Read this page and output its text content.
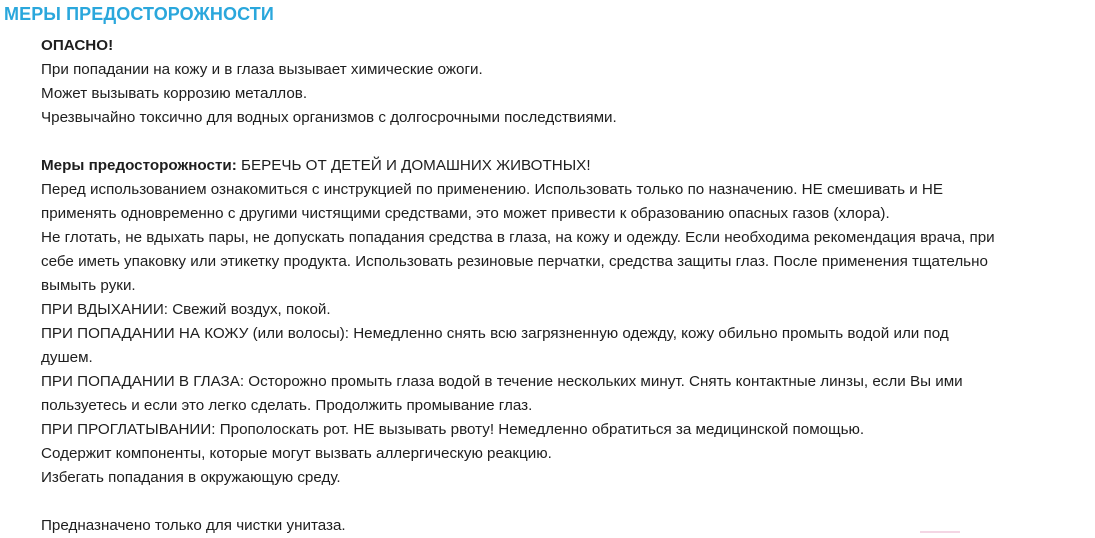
МЕРЫ ПРЕДОСТОРОЖНОСТИ

ОПАСНО!

При попадании на кожу и в глаза вызывает химические ожоги.

Может вызывать коррозию металлов.

Чрезвычайно токсично для водных организмов с долгосрочными последствиями.

Меры предосторожности: БЕРЕЧЬ ОТ ДЕТЕЙ И ДОМАШНИХ ЖИВОТНЫХ!

Перед использованием ознакомиться с инструкцией по применению. Использовать только по назначению. НЕ смешивать и НЕ

применять одновременно с другими чистящими средствами, это может привести к образованию опасных газов (хлора).

Не глотать, не вдыхать пары, не допускать попадания средства в глаза, на кожу и одежду. Если необходима рекомендация врача, при

себе иметь упаковку или этикетку продукта. Использовать резиновые перчатки, средства защиты глаз. После применения тщательно

вымыть руки.

ПРИ ВДЫХАНИИ: Свежий воздух, покой.

ПРИ ПОПАДАНИИ НА КОЖУ (или волосы): Немедленно снять всю загрязненную одежду, кожу обильно промыть водой или под

душем.

ПРИ ПОПАДАНИИ В ГЛАЗА: Осторожно промыть глаза водой в течение нескольких минут. Снять контактные линзы, если Вы ими

пользуетесь и если это легко сделать. Продолжить промывание глаз.

ПРИ ПРОГЛАТЫВАНИИ: Прополоскать рот. НЕ вызывать рвоту! Немедленно обратиться за медицинской помощью.

Содержит компоненты, которые могут вызвать аллергическую реакцию.

Избегать попадания в окружающую среду.

Предназначено только для чистки унитаза.
